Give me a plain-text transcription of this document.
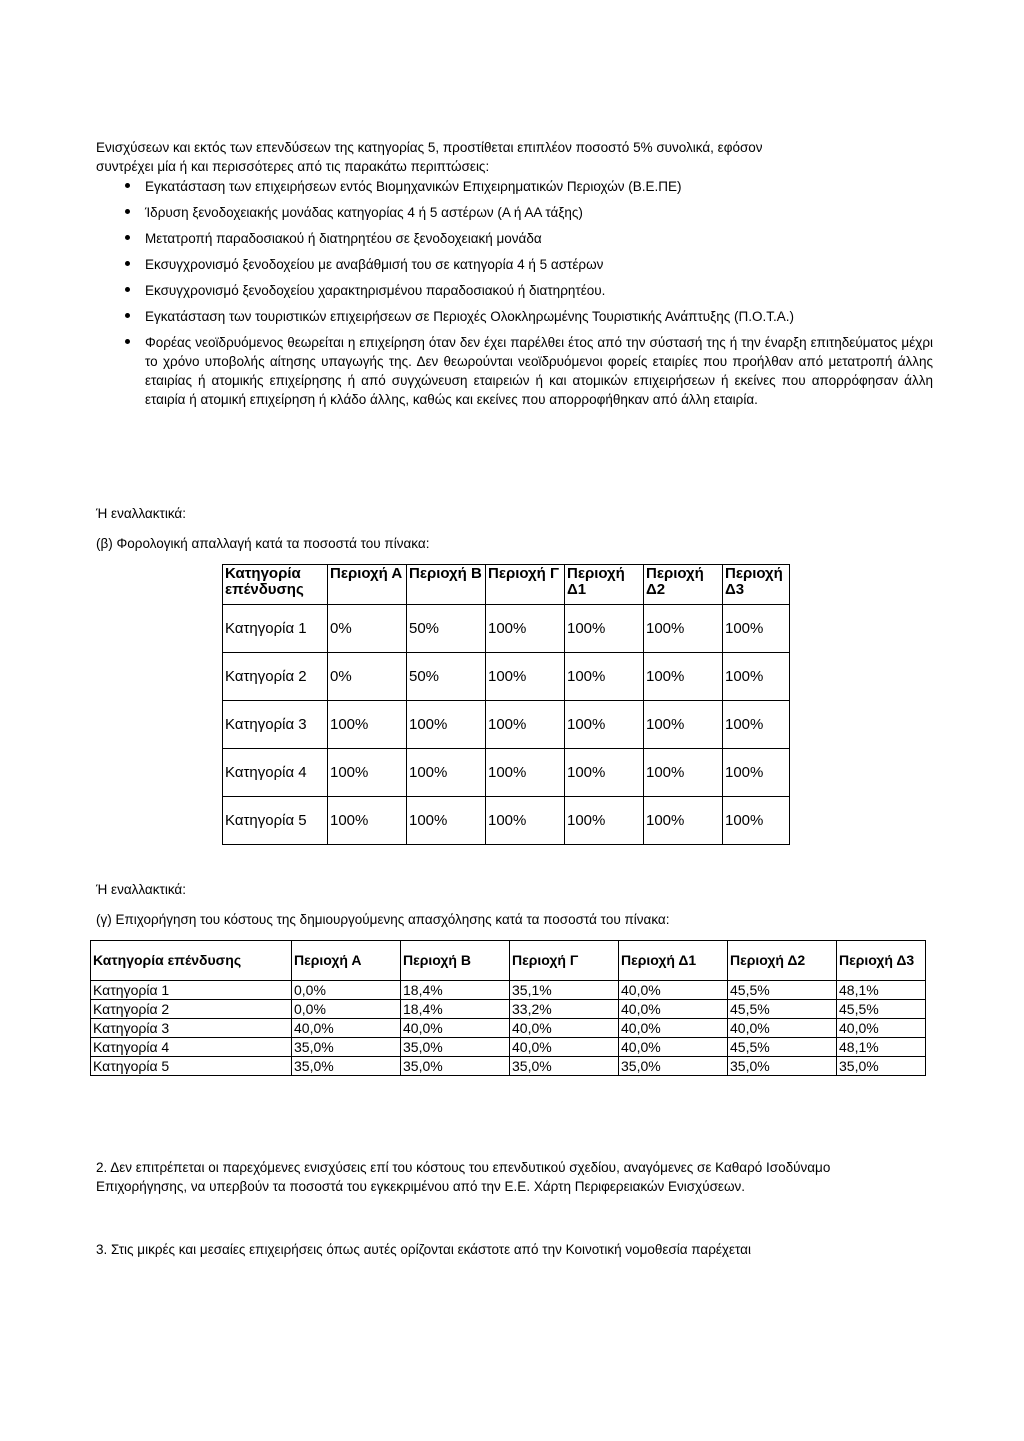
Ενισχύσεων και εκτός των επενδύσεων της κατηγορίας 5, προστίθεται επιπλέον ποσοστό 5% συνολικά, εφόσον
συντρέχει μία ή και περισσότερες από τις παρακάτω περιπτώσεις:
Εγκατάσταση των επιχειρήσεων εντός Βιομηχανικών Επιχειρηματικών Περιοχών (Β.Ε.ΠΕ)
Ίδρυση ξενοδοχειακής μονάδας κατηγορίας 4 ή 5 αστέρων (Α ή ΑΑ τάξης)
Μετατροπή παραδοσιακού ή διατηρητέου σε ξενοδοχειακή μονάδα
Εκσυγχρονισμό ξενοδοχείου με αναβάθμισή του σε κατηγορία 4 ή 5 αστέρων
Εκσυγχρονισμό ξενοδοχείου χαρακτηρισμένου παραδοσιακού ή διατηρητέου.
Εγκατάσταση των τουριστικών επιχειρήσεων σε Περιοχές Ολοκληρωμένης Τουριστικής Ανάπτυξης (Π.Ο.Τ.Α.)
Φορέας νεοϊδρυόμενος θεωρείται η επιχείρηση όταν δεν έχει παρέλθει έτος από την σύστασή της ή την έναρξη επιτηδεύματος μέχρι το χρόνο υποβολής αίτησης υπαγωγής της. Δεν θεωρούνται νεοϊδρυόμενοι φορείς εταιρίες που προήλθαν από μετατροπή άλλης εταιρίας ή ατομικής επιχείρησης ή από συγχώνευση εταιρειών ή και ατομικών επιχειρήσεων ή εκείνες που απορρόφησαν άλλη εταιρία ή ατομική επιχείρηση ή κλάδο άλλης, καθώς και εκείνες που απορροφήθηκαν από άλλη εταιρία.
Ή εναλλακτικά:
(β) Φορολογική απαλλαγή κατά τα ποσοστά του πίνακα:
Κατηγορία επένδυσης	Περιοχή Α	Περιοχή Β	Περιοχή Γ	Περιοχή Δ1	Περιοχή Δ2	Περιοχή Δ3
Κατηγορία 1	0%	50%	100%	100%	100%	100%
Κατηγορία 2	0%	50%	100%	100%	100%	100%
Κατηγορία 3	100%	100%	100%	100%	100%	100%
Κατηγορία 4	100%	100%	100%	100%	100%	100%
Κατηγορία 5	100%	100%	100%	100%	100%	100%
Ή εναλλακτικά:
(γ) Επιχορήγηση του κόστους της δημιουργούμενης απασχόλησης κατά τα ποσοστά του πίνακα:
Κατηγορία επένδυσης	Περιοχή Α	Περιοχή Β	Περιοχή Γ	Περιοχή Δ1	Περιοχή Δ2	Περιοχή Δ3
Κατηγορία 1	0,0%	18,4%	35,1%	40,0%	45,5%	48,1%
Κατηγορία 2	0,0%	18,4%	33,2%	40,0%	45,5%	45,5%
Κατηγορία 3	40,0%	40,0%	40,0%	40,0%	40,0%	40,0%
Κατηγορία 4	35,0%	35,0%	40,0%	40,0%	45,5%	48,1%
Κατηγορία 5	35,0%	35,0%	35,0%	35,0%	35,0%	35,0%
2. Δεν επιτρέπεται οι παρεχόμενες ενισχύσεις επί του κόστους του επενδυτικού σχεδίου, αναγόμενες σε Καθαρό Ισοδύναμο Επιχορήγησης, να υπερβούν τα ποσοστά του εγκεκριμένου από την Ε.Ε. Χάρτη Περιφερειακών Ενισχύσεων.
3. Στις μικρές και μεσαίες επιχειρήσεις όπως αυτές ορίζονται εκάστοτε από την Κοινοτική νομοθεσία παρέχεται
